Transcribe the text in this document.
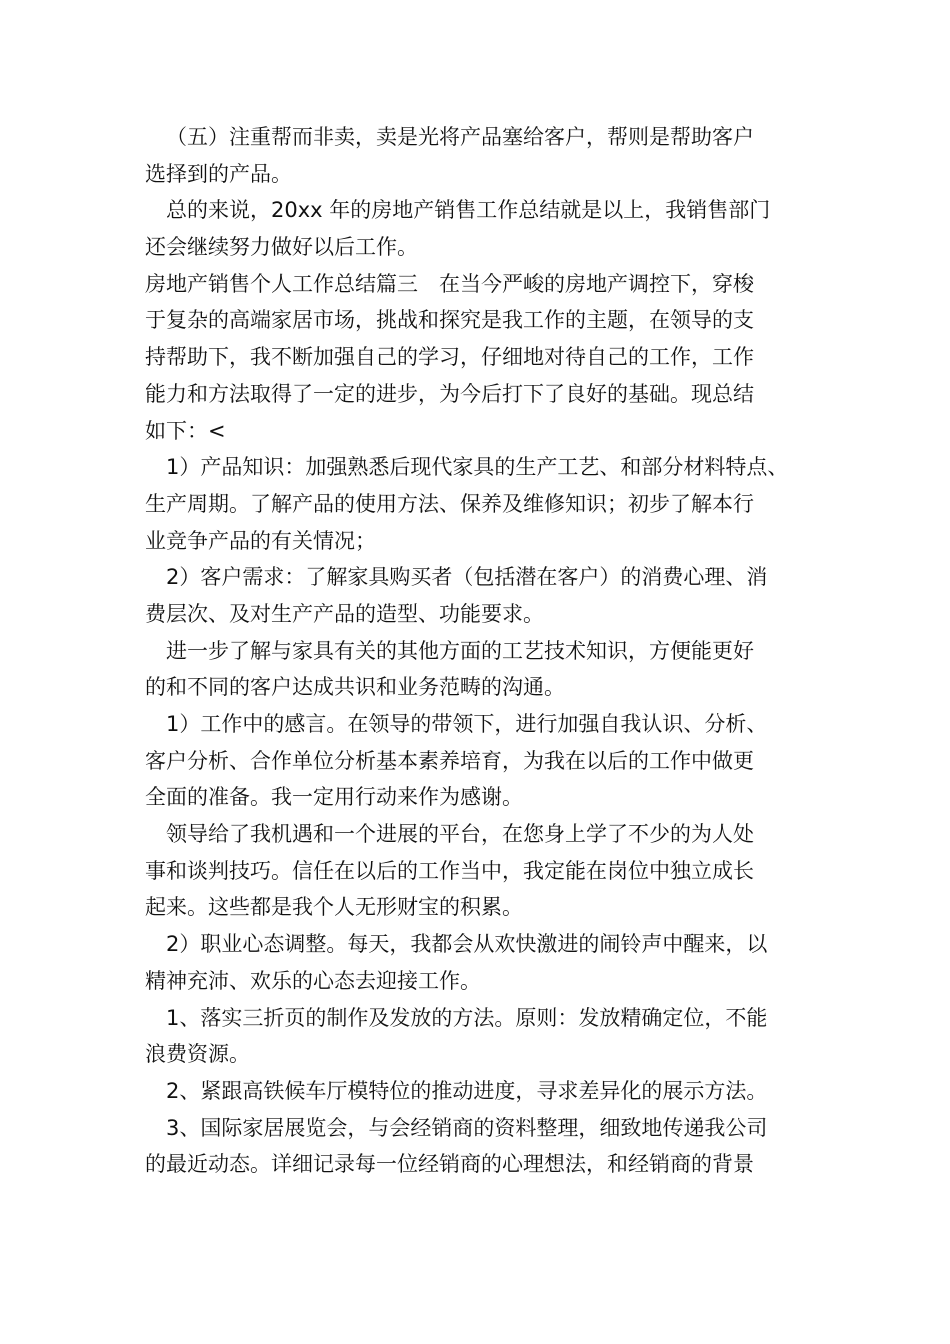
（五）注重帮而非卖，卖是光将产品塞给客户，帮则是帮助客户
选择到的产品。
总的来说，20xx 年的房地产销售工作总结就是以上，我销售部门
还会继续努力做好以后工作。
房地产销售个人工作总结篇三　在当今严峻的房地产调控下，穿梭
于复杂的高端家居市场，挑战和探究是我工作的主题，在领导的支
持帮助下，我不断加强自己的学习，仔细地对待自己的工作，工作
能力和方法取得了一定的进步，为今后打下了良好的基础。现总结
如下：<
1）产品知识：加强熟悉后现代家具的生产工艺、和部分材料特点、
生产周期。了解产品的使用方法、保养及维修知识；初步了解本行
业竞争产品的有关情况；
2）客户需求：了解家具购买者（包括潜在客户）的消费心理、消
费层次、及对生产产品的造型、功能要求。
进一步了解与家具有关的其他方面的工艺技术知识，方便能更好
的和不同的客户达成共识和业务范畴的沟通。
1）工作中的感言。在领导的带领下，进行加强自我认识、分析、
客户分析、合作单位分析基本素养培育，为我在以后的工作中做更
全面的准备。我一定用行动来作为感谢。
领导给了我机遇和一个进展的平台，在您身上学了不少的为人处
事和谈判技巧。信任在以后的工作当中，我定能在岗位中独立成长
起来。这些都是我个人无形财宝的积累。
2）职业心态调整。每天，我都会从欢快激进的闹铃声中醒来，以
精神充沛、欢乐的心态去迎接工作。
1、落实三折页的制作及发放的方法。原则：发放精确定位，不能
浪费资源。
2、紧跟高铁候车厅模特位的推动进度，寻求差异化的展示方法。
3、国际家居展览会，与会经销商的资料整理，细致地传递我公司
的最近动态。详细记录每一位经销商的心理想法，和经销商的背景
